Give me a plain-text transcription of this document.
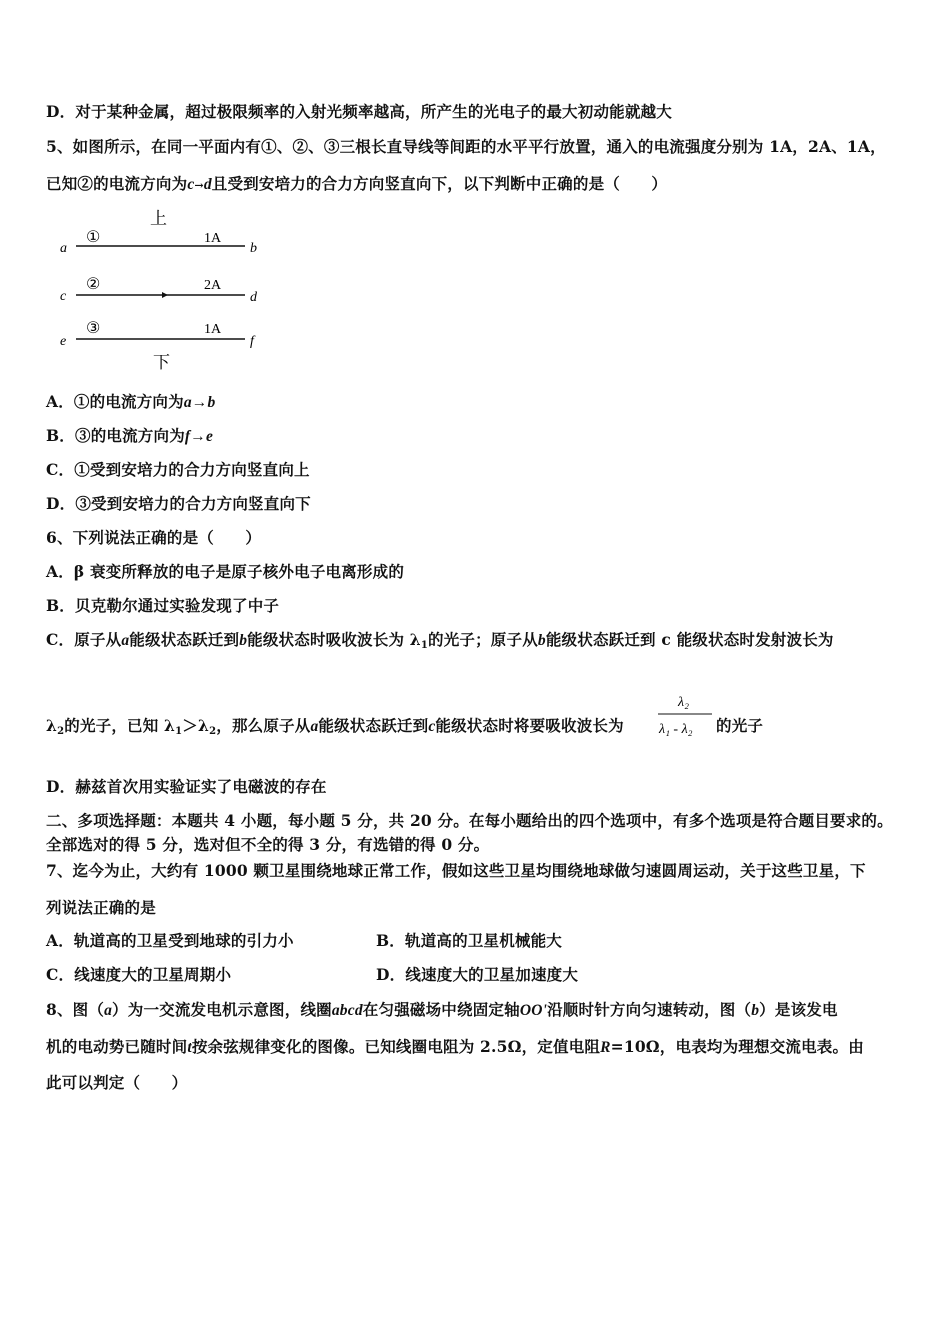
D．对于某种金属，超过极限频率的入射光频率越高，所产生的光电子的最大初动能就越大
5、如图所示，在同一平面内有①、②、③三根长直导线等间距的水平平行放置，通入的电流强度分别为 1A，2A、1A，
已知②的电流方向为c→d且受到安培力的合力方向竖直向下，以下判断中正确的是（　　）
上
a
①	1A
b
c
②	2A
d
e
③	1A
f
下
A．①的电流方向为a→b
B．③的电流方向为f→e
C．①受到安培力的合力方向竖直向上
D．③受到安培力的合力方向竖直向下
6、下列说法正确的是（　　）
A．β 衰变所释放的电子是原子核外电子电离形成的
B．贝克勒尔通过实验发现了中子
C．原子从a能级状态跃迁到b能级状态时吸收波长为 $\lambda_1$的光子；原子从b能级状态跃迁到 c 能级状态时发射波长为
$\lambda_2$的光子，已知 $\lambda_1>\lambda_2$，那么原子从a能级状态跃迁到c能级状态时将要吸收波长为
λ₂
λ₁ - λ₂ 的光子
D．赫兹首次用实验证实了电磁波的存在
二、多项选择题：本题共 4 小题，每小题 5 分，共 20 分。在每小题给出的四个选项中，有多个选项是符合题目要求的。
全部选对的得 5 分，选对但不全的得 3 分，有选错的得 0 分。
7、迄今为止，大约有 1000 颗卫星围绕地球正常工作，假如这些卫星均围绕地球做匀速圆周运动，关于这些卫星，下
列说法正确的是
A．轨道高的卫星受到地球的引力小	B．轨道高的卫星机械能大
C．线速度大的卫星周期小	D．线速度大的卫星加速度大
8、图（a）为一交流发电机示意图，线圈abcd在匀强磁场中绕固定轴OO'沿顺时针方向匀速转动，图（b）是该发电
机的电动势已随时间t按余弦规律变化的图像。已知线圈电阻为 2.5Ω，定值电阻R=10Ω，电表均为理想交流电表。由
此可以判定（　　）
